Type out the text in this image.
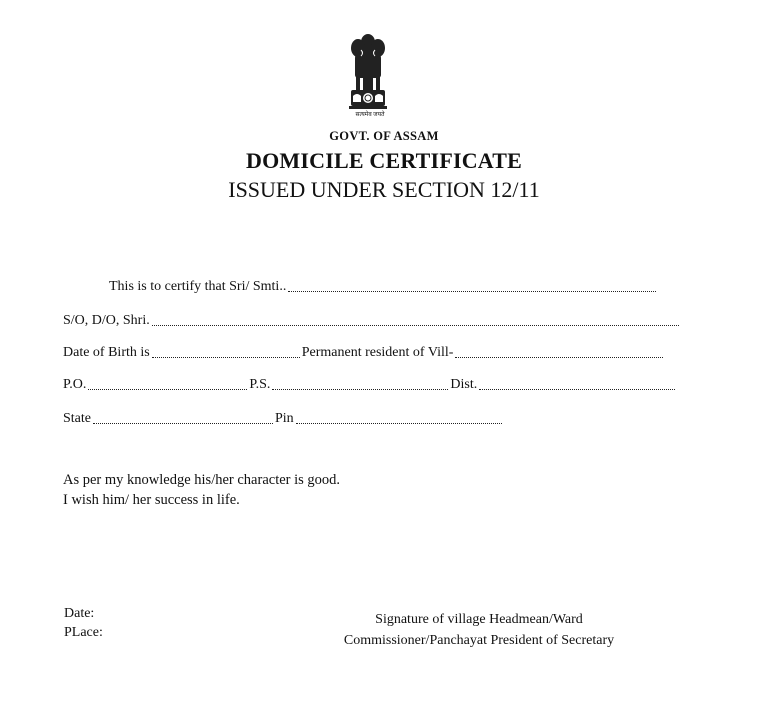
सत्यमेव जयते
GOVT. OF ASSAM
DOMICILE CERTIFICATE
ISSUED UNDER SECTION 12/11
This is to certify that Sri/ Smti..
S/O, D/O, Shri.
Date of Birth is	Permanent resident of Vill-
P.O.	P.S.	Dist.
State	Pin
As per my knowledge his/her character is good.
I wish him/ her success in life.
Date:
PLace:
Signature of village Headmean/Ward
Commissioner/Panchayat President of Secretary
